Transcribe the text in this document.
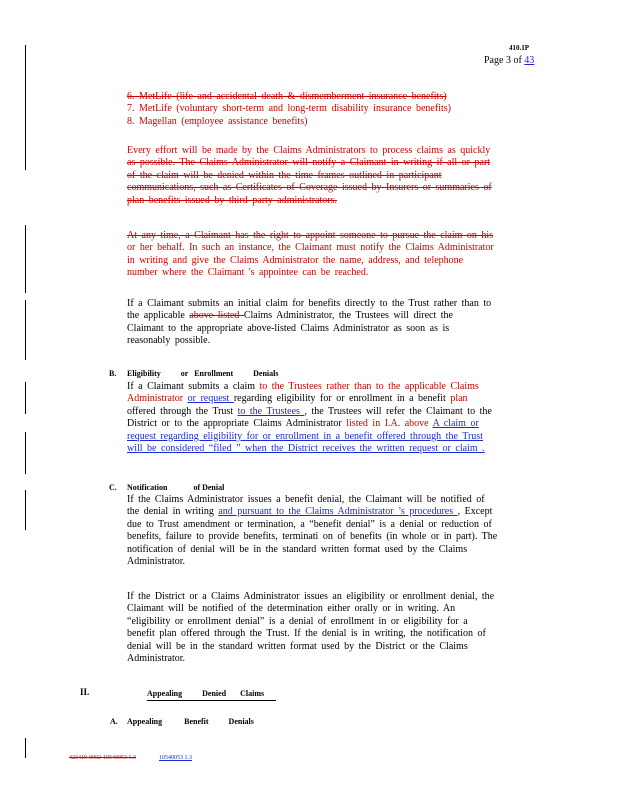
410.1P
Page 3 of 43

6. MetLife (life and accidental death & dismemberment insurance benefits)

7. MetLife (voluntary short-term and long-term disability insurance benefits)

8. Magellan (employee assistance benefits)

Every effort will be made by the Claims Administrators to process claims as quickly

as possible. The Claims Administrator will notify a Claimant in writing if all or part

of the claim will be denied within the time frames outlined in participant

communications, such as Certificates of Coverage issued by Insurers or summaries of

plan benefits issued by third party administrators.

At any time, a Claimant has the right to appoint someone to pursue the claim on his

or her behalf. In such an instance, the Claimant must notify the Claims Administrator

in writing and give the Claims Administrator the name, address, and telephone

number where the Claimant 's appointee can be reached.

If a Claimant submits an initial claim for benefits directly to the Trust rather than to

the applicable above listed Claims Administrator, the Trustees will direct the

Claimant to the appropriate above-listed Claims Administrator as soon as is

reasonably possible.

B. Eligibility          or   Enrollment          Denials

If a Claimant submits a claim to the Trustees rather than to the applicable Claims

Administrator or request regarding eligibility for or enrollment in a benefit plan

offered through the Trust to the Trustees , the Trustees will refer the Claimant to the

District or to the appropriate Claims Administrator listed in I.A. above A claim or

request regarding eligibility for or enrollment in a benefit offered through the Trust

will be considered “filed ” when the District receives the written request or claim .

C. Notification             of Denial

If the Claims Administrator issues a benefit denial, the Claimant will be notified of

the denial in writing and pursuant to the Claims Administrator ’s procedures , Except

due to Trust amendment or termination, a “benefit denial” is a denial or reduction of

benefits, failure to provide benefits, terminati on of benefits (in whole or in part). The

notification of denial will be in the standard written format used by the Claims

Administrator.

If the District or a Claims Administrator issues an eligibility or enrollment denial, the

Claimant will be notified of the determination either orally or in writing. An

“eligibility or enrollment denial” is a denial of enrollment in or eligibility for a

benefit plan offered through the Trust. If the denial is in writing, the notification of

denial will be in the standard written format used by the District or the Claims

Administrator.

II.	Appealing          Denied       Claims
A. Appealing           Benefit          Denials
423410-0002-10540053 1.3	10540053 1.3
